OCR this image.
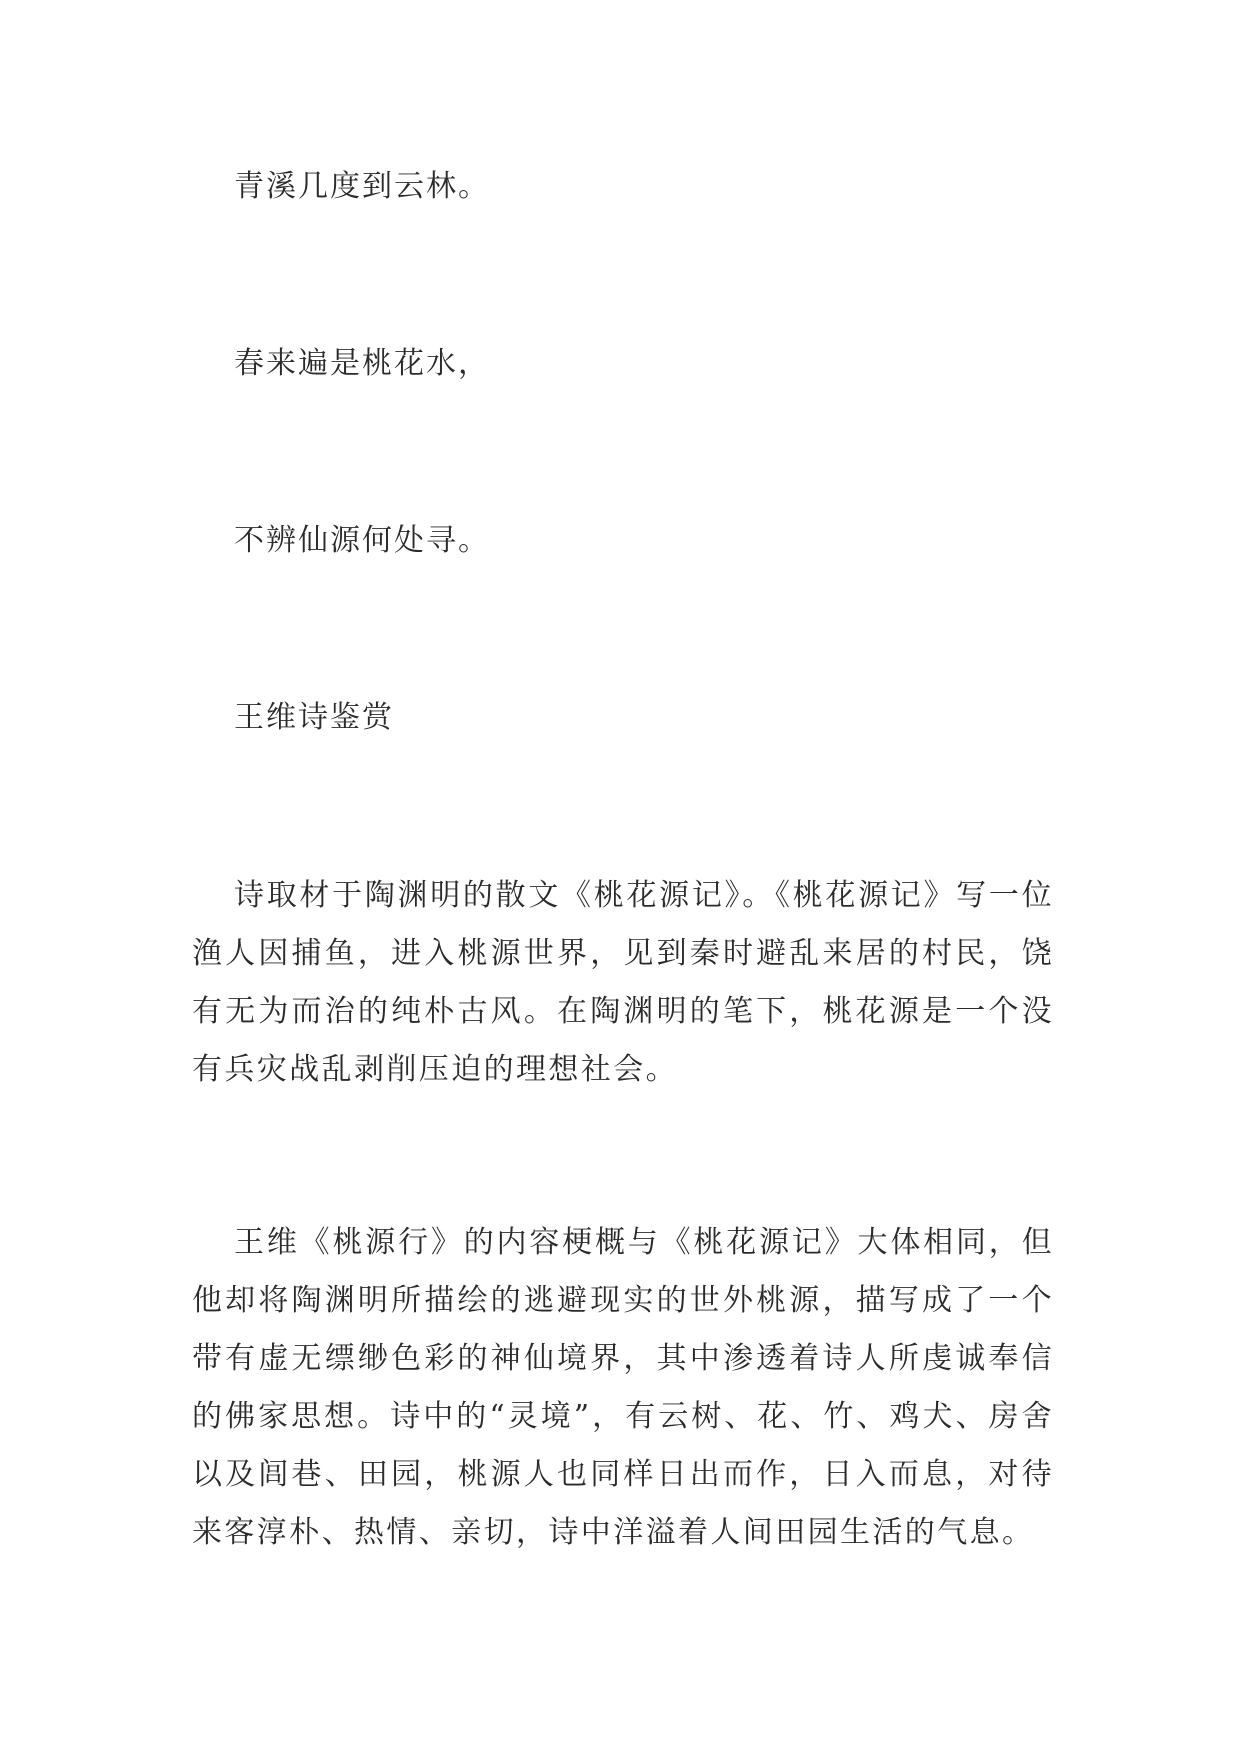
青溪几度到云林。
春来遍是桃花水，
不辨仙源何处寻。
王维诗鉴赏

诗取材于陶渊明的散文《桃花源记》。《桃花源记》写一位渔人因捕鱼，进入桃源世界，见到秦时避乱来居的村民，饶有无为而治的纯朴古风。在陶渊明的笔下，桃花源是一个没有兵灾战乱剥削压迫的理想社会。

王维《桃源行》的内容梗概与《桃花源记》大体相同，但他却将陶渊明所描绘的逃避现实的世外桃源，描写成了一个带有虚无缥缈色彩的神仙境界，其中渗透着诗人所虔诚奉信的佛家思想。诗中的“灵境”，有云树、花、竹、鸡犬、房舍以及闾巷、田园，桃源人也同样日出而作，日入而息，对待来客淳朴、热情、亲切，诗中洋溢着人间田园生活的气息。
